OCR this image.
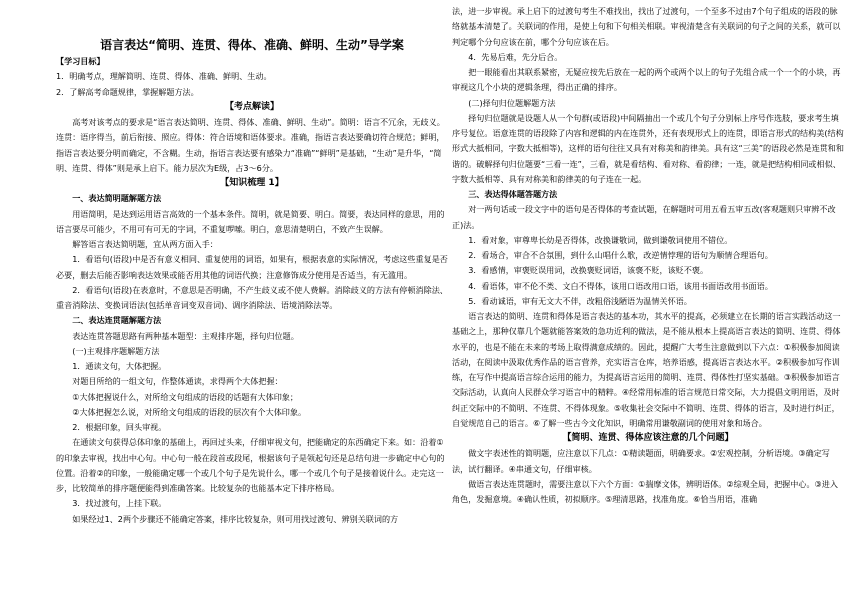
语言表达“简明、连贯、得体、准确、鲜明、生动”导学案

【学习目标】

1．明确考点，理解简明、连贯、得体、准确、鲜明、生动。

2．了解高考命题规律，掌握解题方法。

【考点解读】

高考对该考点的要求是“语言表达简明、连贯、得体、准确、鲜明、生动”。简明：语言不冗余，无歧义。连贯：语序得当，前后衔接、照应。得体：符合语境和语体要求。准确，指语言表达要确切符合规范；鲜明，指语言表达要分明而确定，不含糊。生动，指语言表达要有感染力“准确”“鲜明”是基础，“生动”是升华，“简明、连贯、得体”则是承上启下。能力层次为E级，占3～6分。

【知识梳理 1】

一、表达简明题解题方法

用语简明，是达到运用语言高效的一个基本条件。简明，就是简要、明白。简要，表达同样的意思，用的语言要尽可能少，不用可有可无的字词，不重复啰嗦。明白，意思清楚明白，不致产生误解。

解答语言表达简明题，宜从两方面入手：

1．看语句(语段)中是否有意义相同、重复使用的词语，如果有，根据表意的实际情况，考虑这些重复是否必要，删去后能否影响表达效果或能否用其他的词语代换；注意修饰成分使用是否适当，有无滥用。

2．看语句(语段)在表意时，不意思是否明确，不产生歧义或不使人费解。消除歧义的方法有停顿消除法、重音消除法、变换词语法(包括单音词变双音词)、调序消除法、语境消除法等。

二、表达连贯题解题方法

表达连贯答题思路有两种基本题型：主观排序题，择句归位题。

(一)主观排序题解题方法

1．通读文句，大体把握。

对题目所给的一组文句，作整体通读，求得两个大体把握：

①大体把握说什么，对所给文句组成的语段的话题有大体印象；

②大体把握怎么说，对所给文句组成的语段的层次有个大体印象。

2．根据印象，回头审视。

在通读文句获得总体印象的基础上，再回过头来，仔细审视文句，把能确定的东西确定下来。如：沿着①的印象去审视，找出中心句。中心句一般在段首或段尾，根据该句子是领起句还是总结句进一步确定中心句的位置。沿着②的印象，一般能确定哪一个或几个句子是先说什么，哪一个或几个句子是接着说什么。走完这一步，比较简单的排序题便能得到准确答案。比较复杂的也能基本定下排序格局。

3．找过渡句，上挂下联。

如果经过1、2两个步骤还不能确定答案，排序比较复杂，则可用找过渡句、辨别关联词的方

法，进一步审视。承上启下的过渡句考生不难找出，找出了过渡句，一个至多不过由7个句子组成的语段的脉络就基本清楚了。关联词的作用，是使上句和下句相关相联。审视清楚含有关联词的句子之间的关系，就可以判定哪个分句应该在前，哪个分句应该在后。

4．先易后难，先分后合。

把一眼能看出其联系紧密，无疑应按先后放在一起的两个或两个以上的句子先组合成一个一个的小块，再审视这几个小块的逻辑条理，得出正确的排序。

(二)择句归位题解题方法

择句归位题就是设题人从一个句群(或语段)中间隔抽出一个或几个句子分别标上序号作选肢，要求考生填序号复位。语意连贯的语段除了内容和逻辑的内在连贯外，还有表现形式上的连贯，即语言形式的结构美(结构形式大抵相同，字数大抵相等)，这样的语句往往又具有对称美和韵律美。具有这“三美”的语段必然是连贯和和谐的。破解择句归位题要“三看一连”，三看，就是看结构、看对称、看韵律；一连，就是把结构相同或相似、字数大抵相等、具有对称美和韵律美的句子连在一起。

三、表达得体题答题方法

对一两句话或一段文字中的语句是否得体的考查试题，在解题时可用五看五审五改(客观题则只审辨不改正)法。

1．看对象，审尊卑长幼是否得体，改换谦敬词，做到谦敬词使用不错位。

2．看场合，审合不合氛围，到什么山唱什么歌，改逆情悖理的语句为顺情合理语句。

3．看感情，审褒贬误用词，改换褒贬词语，该褒不贬，该贬不褒。

4．看语体，审不伦不类、文白不得体，该用口语改用口语，该用书面语改用书面语。

5．看动诚语，审有无文大不伴，改粗俗浅陋语为温情关怀语。

语言表达的简明、连贯和得体是语言表达的基本功，其水平的提高，必须建立在长期的语言实践活动这一基础之上，那种仅靠几个题就能答案效的急功近利的做法，是不能从根本上提高语言表达的简明、连贯、得体水平的，也是不能在未来的考场上取得满意成绩的。因此，提醒广大考生注意做到以下六点：①积极参加阅读活动，在阅读中汲取优秀作品的语言营养，充实语言仓库，培养语感，提高语言表达水平。②积极参加写作训练，在写作中提高语言综合运用的能力，为提高语言运用的简明、连贯、得体性打坚实基础。③积极参加语言交际活动，认真向人民群众学习语言中的精粹。④经常用标准的语言规范日常交际，大力提倡文明用语，及时纠正交际中的不简明、不连贯、不得体现象。⑤收集社会交际中不简明、连贯、得体的语言，及时进行纠正，自觉规范自己的语言。⑥了解一些古今文化知识，明确常用谦敬副词的使用对象和场合。

【简明、连贯、得体应该注意的几个问题】

做文字表述性的简明题，应注意以下几点：①精读题面，明确要求。②宏观控制，分析语境。③确定写法，试行翻译。④串通文句，仔细审核。

做语言表达连贯题时，需要注意以下六个方面：①揣摩文体，辨明语体。②综观全局，把握中心。③进入角色，发掘意境。④确认性质，初拟顺序。⑤理清思路，找准角度。⑥恰当用语，准确
